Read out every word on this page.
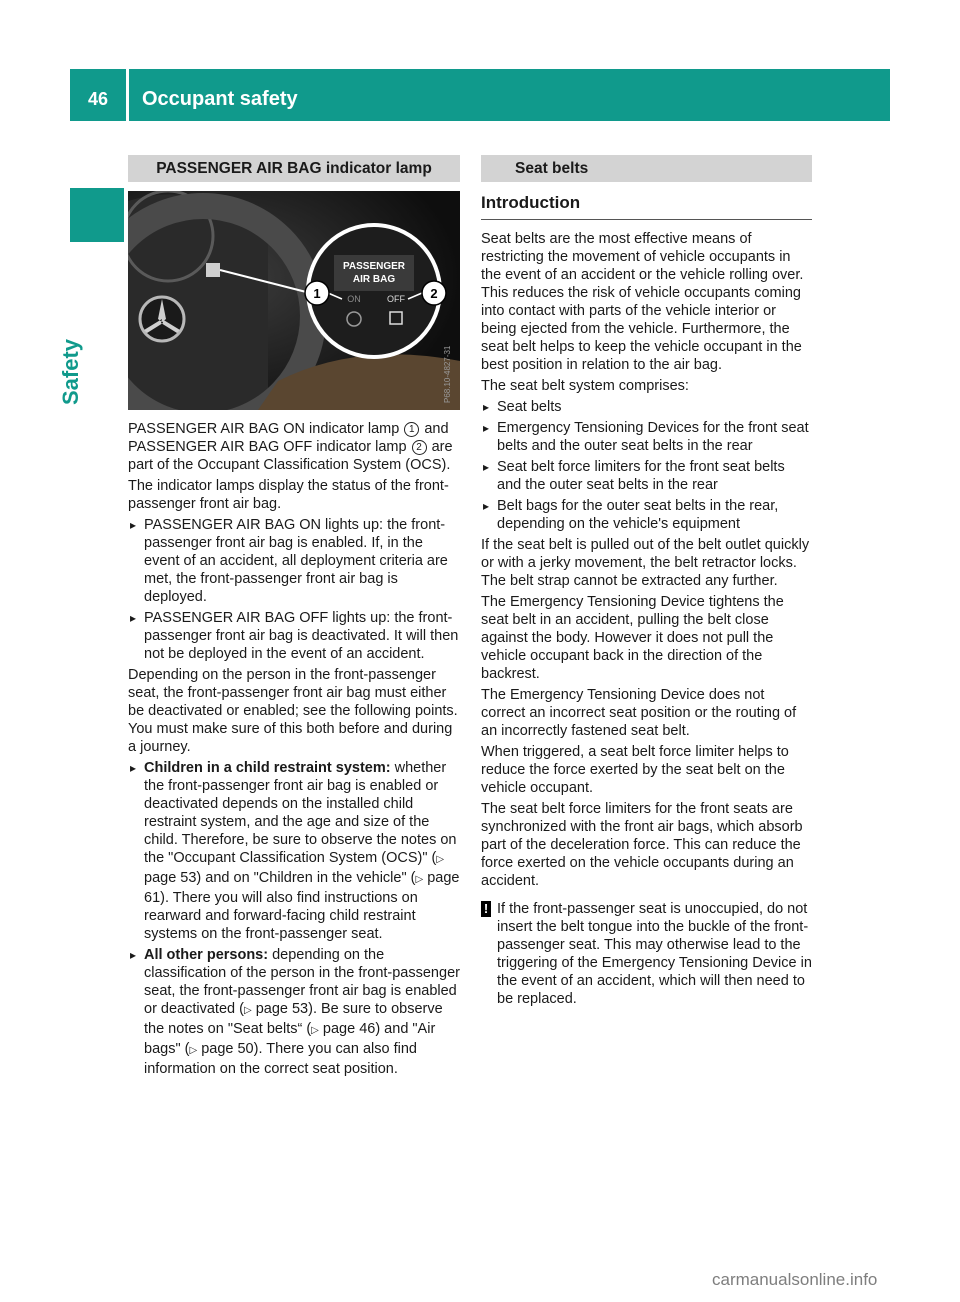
46	Occupant safety
Safety
PASSENGER AIR BAG indicator lamp
PASSENGER
AIR BAG
ON	OFF
1	2
P68.10-4827-31

PASSENGER AIR BAG ON indicator lamp 1 and PASSENGER AIR BAG OFF indicator lamp 2 are part of the Occupant Classification System (OCS).

The indicator lamps display the status of the front-passenger front air bag.

▸ PASSENGER AIR BAG ON lights up: the front-passenger front air bag is enabled. If, in the event of an accident, all deployment criteria are met, the front-passenger front air bag is deployed.
▸ PASSENGER AIR BAG OFF lights up: the front-passenger front air bag is deactivated. It will then not be deployed in the event of an accident.

Depending on the person in the front-passenger seat, the front-passenger front air bag must either be deactivated or enabled; see the following points. You must make sure of this both before and during a journey.

▸ Children in a child restraint system: whether the front-passenger front air bag is enabled or deactivated depends on the installed child restraint system, and the age and size of the child. Therefore, be sure to observe the notes on the "Occupant Classification System (OCS)" (▷ page 53) and on "Children in the vehicle" (▷ page 61). There you will also find instructions on rearward and forward-facing child restraint systems on the front-passenger seat.
▸ All other persons: depending on the classification of the person in the front-passenger seat, the front-passenger front air bag is enabled or deactivated (▷ page 53). Be sure to observe the notes on "Seat belts“ (▷ page 46) and "Air bags" (▷ page 50). There you can also find information on the correct seat position.
Seat belts
Introduction

Seat belts are the most effective means of restricting the movement of vehicle occupants in the event of an accident or the vehicle rolling over. This reduces the risk of vehicle occupants coming into contact with parts of the vehicle interior or being ejected from the vehicle. Furthermore, the seat belt helps to keep the vehicle occupant in the best position in relation to the air bag.

The seat belt system comprises:

▸ Seat belts
▸ Emergency Tensioning Devices for the front seat belts and the outer seat belts in the rear
▸ Seat belt force limiters for the front seat belts and the outer seat belts in the rear
▸ Belt bags for the outer seat belts in the rear, depending on the vehicle's equipment

If the seat belt is pulled out of the belt outlet quickly or with a jerky movement, the belt retractor locks. The belt strap cannot be extracted any further.

The Emergency Tensioning Device tightens the seat belt in an accident, pulling the belt close against the body. However it does not pull the vehicle occupant back in the direction of the backrest.

The Emergency Tensioning Device does not correct an incorrect seat position or the routing of an incorrectly fastened seat belt.

When triggered, a seat belt force limiter helps to reduce the force exerted by the seat belt on the vehicle occupant.

The seat belt force limiters for the front seats are synchronized with the front air bags, which absorb part of the deceleration force. This can reduce the force exerted on the vehicle occupants during an accident.

! If the front-passenger seat is unoccupied, do not insert the belt tongue into the buckle of the front-passenger seat. This may otherwise lead to the triggering of the Emergency Tensioning Device in the event of an accident, which will then need to be replaced.
carmanualsonline.info
